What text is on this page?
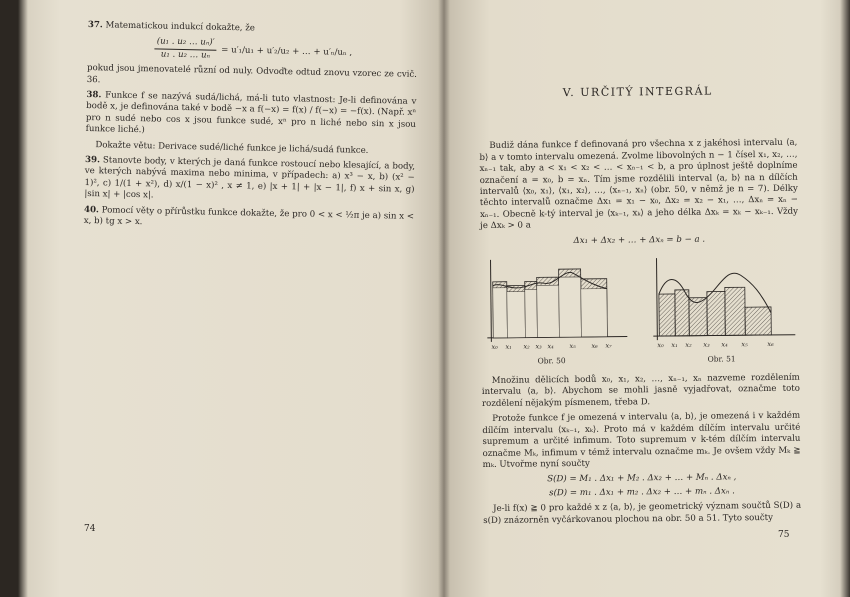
37. Matematickou indukcí dokažte, že

$\frac{\text{(u₁ . u₂ … uₙ)′}}{\text{u₁ . u₂ … uₙ}} = u'_1/u_1 + u'_2/u_2$ + … + u′ₙ/uₙ ,

pokud jsou jmenovatelé různí od nuly. Odvoďte odtud znovu vzorec ze cvič. 36.

38. Funkce f se nazývá sudá/lichá, má-li tuto vlastnost: Je-li definována v bodě x, je definována také v bodě −x a f(−x) = f(x) / f(−x) = −f(x). (Např. xⁿ pro n sudé nebo cos x jsou funkce sudé, xⁿ pro n liché nebo sin x jsou funkce liché.)

Dokažte větu: Derivace sudé/liché funkce je lichá/sudá funkce.

39. Stanovte body, v kterých je daná funkce rostoucí nebo klesající, a body, ve kterých nabývá maxima nebo minima, v případech: a) x³ − x, b) (x² − 1)², c) 1/(1 + x²), d) x/(1 − x)² , x ≠ 1, e) |x + 1| + |x − 1|, f) x + sin x, g) |sin x| + |cos x|.

40. Pomocí věty o přírůstku funkce dokažte, že pro 0 < x < ½π je a) sin x < x, b) tg x > x.

74
V. URČITÝ INTEGRÁL

Budiž dána funkce f definovaná pro všechna x z jakéhosi intervalu ⟨a, b⟩ a v tomto intervalu omezená. Zvolme libovolných n − 1 čísel x₁, x₂, …, xₙ₋₁ tak, aby a < x₁ < x₂ < … < xₙ₋₁ < b, a pro úplnost ještě doplníme označení a = x₀, b = xₙ. Tím jsme rozdělili interval ⟨a, b⟩ na n dílčích intervalů ⟨x₀, x₁⟩, ⟨x₁, x₂⟩, …, ⟨xₙ₋₁, xₙ⟩ (obr. 50, v němž je n = 7). Délky těchto intervalů označme Δx₁ = x₁ − x₀, Δx₂ = x₂ − x₁, …, Δxₙ = xₙ − xₙ₋₁. Obecně k-tý interval je ⟨xₖ₋₁, xₖ⟩ a jeho délka Δxₖ = xₖ − xₖ₋₁. Vždy je Δxₖ > 0 a

Δx₁ + Δx₂ + … + Δxₙ = b − a .
x₀ x₁ x₂ x₃ x₄ x₅ x₆ x₇	x₀ x₁ x₂ x₃ x₄ x₅	x₆
Obr. 50	Obr. 51

Množinu dělicích bodů x₀, x₁, x₂, …, xₙ₋₁, xₙ nazveme rozdělením intervalu ⟨a, b⟩. Abychom se mohli jasně vyjadřovat, označme toto rozdělení nějakým písmenem, třeba D.

Protože funkce f je omezená v intervalu ⟨a, b⟩, je omezená i v každém dílčím intervalu ⟨xₖ₋₁, xₖ⟩. Proto má v každém dílčím intervalu určité supremum a určité infimum. Toto supremum v k-tém dílčím intervalu označme Mₖ, infimum v témž intervalu označme mₖ. Je ovšem vždy Mₖ ≧ mₖ. Utvořme nyní součty

S(D) = M₁ . Δx₁ + M₂ . Δx₂ + … + Mₙ . Δxₙ ,
s(D) = m₁ . Δx₁ + m₂ . Δx₂ + … + mₙ . Δxₙ .

Je-li f(x) ≧ 0 pro každé x z ⟨a, b⟩, je geometrický význam součtů S(D) a s(D) znázorněn vyčárkovanou plochou na obr. 50 a 51. Tyto součty

75
